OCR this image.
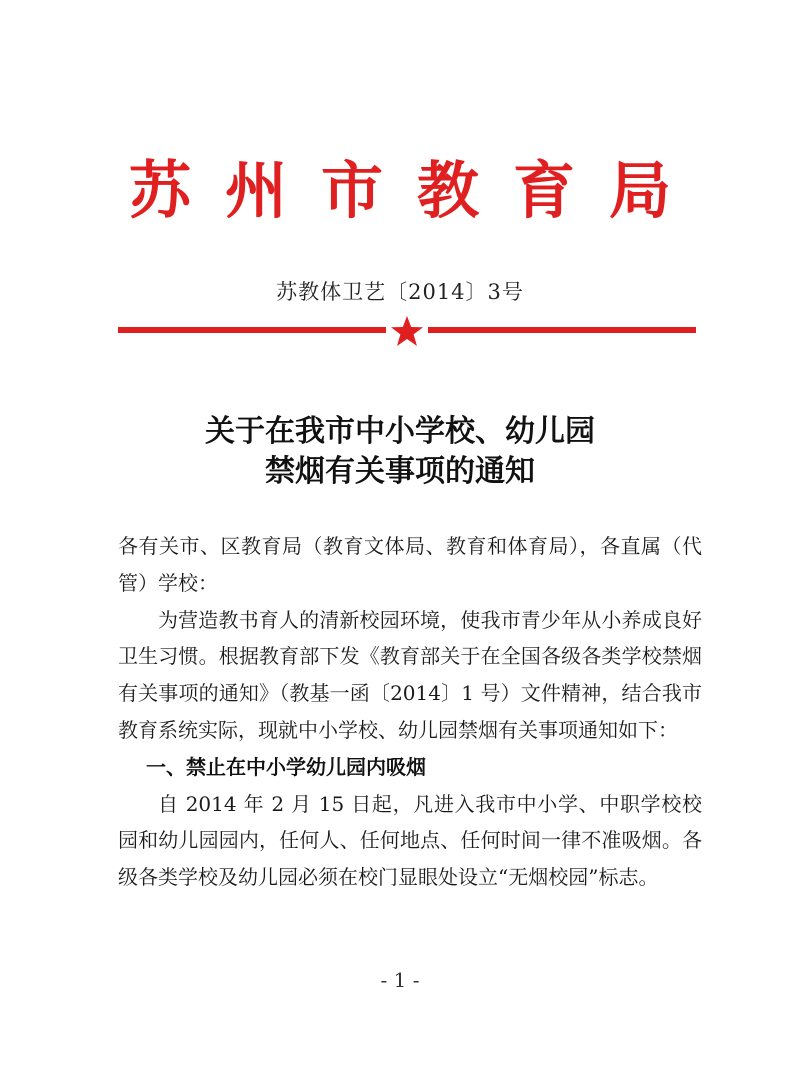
苏州市教育局
苏教体卫艺〔2014〕3号
关于在我市中小学校、幼儿园
禁烟有关事项的通知

各有关市、区教育局（教育文体局、教育和体育局），各直属（代管）学校：

为营造教书育人的清新校园环境，使我市青少年从小养成良好卫生习惯。根据教育部下发《教育部关于在全国各级各类学校禁烟有关事项的通知》（教基一函〔2014〕1 号）文件精神，结合我市教育系统实际，现就中小学校、幼儿园禁烟有关事项通知如下：

一、禁止在中小学幼儿园内吸烟

自 2014 年 2 月 15 日起，凡进入我市中小学、中职学校校园和幼儿园园内，任何人、任何地点、任何时间一律不准吸烟。各级各类学校及幼儿园必须在校门显眼处设立“无烟校园”标志。

- 1 -
